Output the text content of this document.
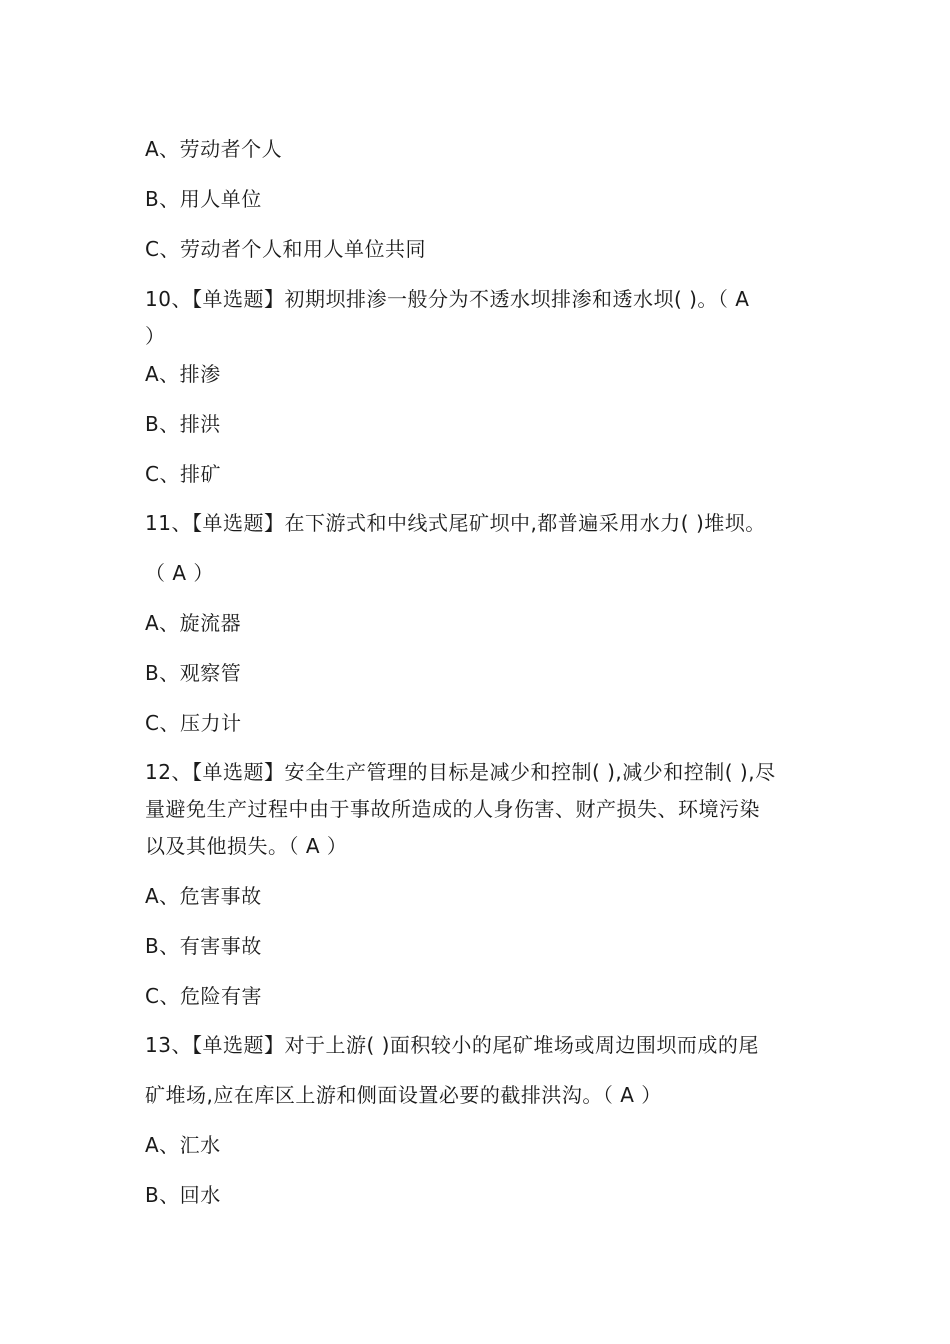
A、劳动者个人
B、用人单位
C、劳动者个人和用人单位共同
10、【单选题】初期坝排渗一般分为不透水坝排渗和透水坝( )。（ A
）
A、排渗
B、排洪
C、排矿
11、【单选题】在下游式和中线式尾矿坝中,都普遍采用水力( )堆坝。
（ A ）
A、旋流器
B、观察管
C、压力计
12、【单选题】安全生产管理的目标是减少和控制( ),减少和控制( ),尽
量避免生产过程中由于事故所造成的人身伤害、财产损失、环境污染
以及其他损失。（ A ）
A、危害事故
B、有害事故
C、危险有害
13、【单选题】对于上游( )面积较小的尾矿堆场或周边围坝而成的尾
矿堆场,应在库区上游和侧面设置必要的截排洪沟。（ A ）
A、汇水
B、回水
